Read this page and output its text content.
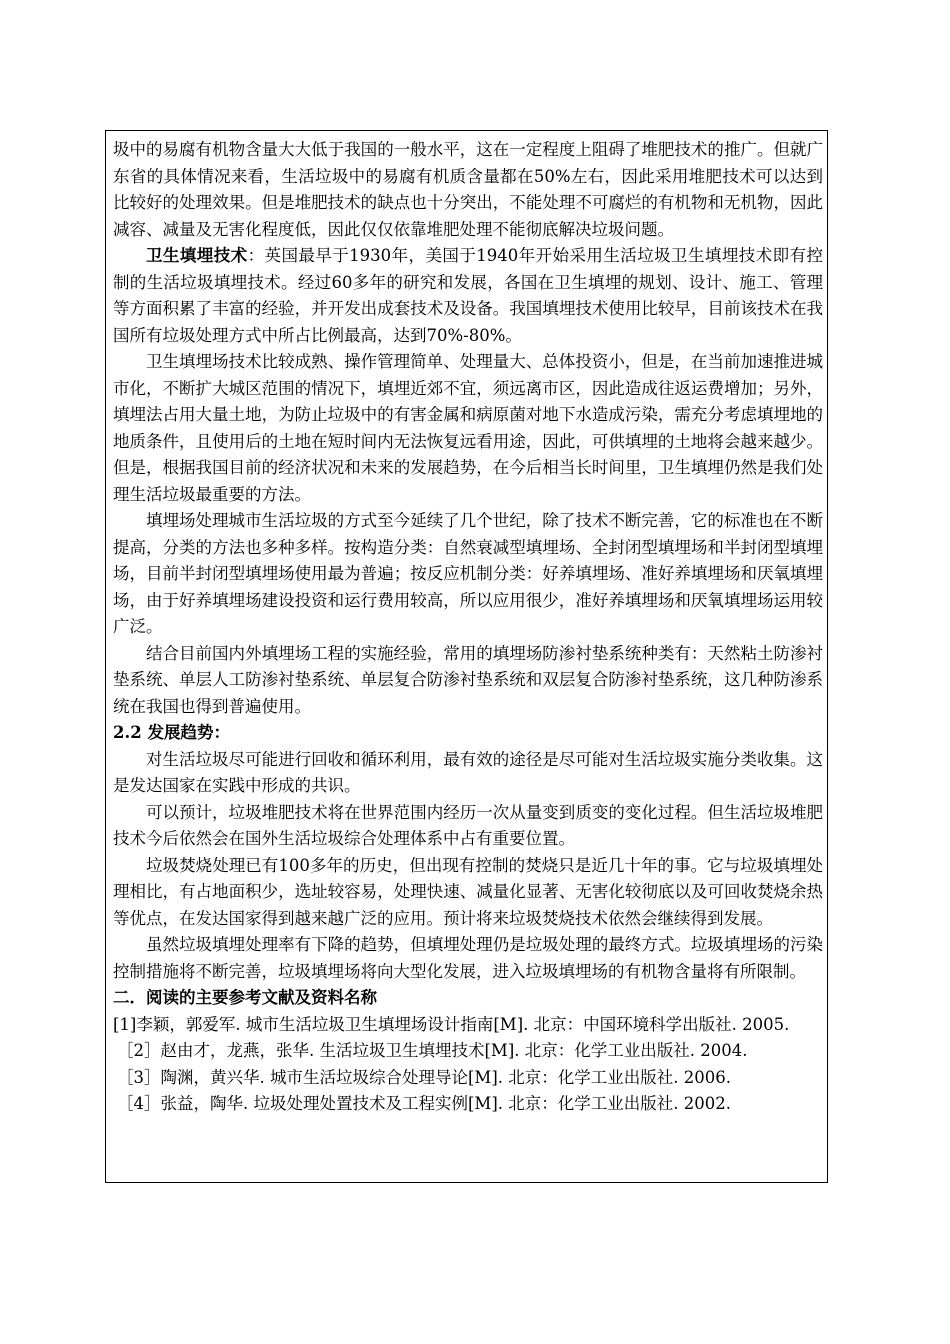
圾中的易腐有机物含量大大低于我国的一般水平，这在一定程度上阻碍了堆肥技术的推广。但就广东省的具体情况来看，生活垃圾中的易腐有机质含量都在50%左右，因此采用堆肥技术可以达到比较好的处理效果。但是堆肥技术的缺点也十分突出，不能处理不可腐烂的有机物和无机物，因此减容、减量及无害化程度低，因此仅仅依靠堆肥处理不能彻底解决垃圾问题。

卫生填埋技术：英国最早于1930年，美国于1940年开始采用生活垃圾卫生填埋技术即有控制的生活垃圾填埋技术。经过60多年的研究和发展，各国在卫生填埋的规划、设计、施工、管理等方面积累了丰富的经验，并开发出成套技术及设备。我国填埋技术使用比较早，目前该技术在我国所有垃圾处理方式中所占比例最高，达到70%-80%。

卫生填埋场技术比较成熟、操作管理简单、处理量大、总体投资小，但是，在当前加速推进城市化，不断扩大城区范围的情况下，填埋近郊不宜，须远离市区，因此造成往返运费增加；另外，填埋法占用大量土地，为防止垃圾中的有害金属和病原菌对地下水造成污染，需充分考虑填埋地的地质条件，且使用后的土地在短时间内无法恢复远看用途，因此，可供填埋的土地将会越来越少。但是，根据我国目前的经济状况和未来的发展趋势，在今后相当长时间里，卫生填埋仍然是我们处理生活垃圾最重要的方法。

填埋场处理城市生活垃圾的方式至今延续了几个世纪，除了技术不断完善，它的标准也在不断提高，分类的方法也多种多样。按构造分类：自然衰减型填埋场、全封闭型填埋场和半封闭型填埋场，目前半封闭型填埋场使用最为普遍；按反应机制分类：好养填埋场、准好养填埋场和厌氧填埋场，由于好养填埋场建设投资和运行费用较高，所以应用很少，准好养填埋场和厌氧填埋场运用较广泛。

结合目前国内外填埋场工程的实施经验，常用的填埋场防渗衬垫系统种类有：天然粘土防渗衬垫系统、单层人工防渗衬垫系统、单层复合防渗衬垫系统和双层复合防渗衬垫系统，这几种防渗系统在我国也得到普遍使用。

2.2 发展趋势：

对生活垃圾尽可能进行回收和循环利用，最有效的途径是尽可能对生活垃圾实施分类收集。这是发达国家在实践中形成的共识。

可以预计，垃圾堆肥技术将在世界范围内经历一次从量变到质变的变化过程。但生活垃圾堆肥技术今后依然会在国外生活垃圾综合处理体系中占有重要位置。

垃圾焚烧处理已有100多年的历史，但出现有控制的焚烧只是近几十年的事。它与垃圾填埋处理相比，有占地面积少，选址较容易，处理快速、减量化显著、无害化较彻底以及可回收焚烧余热等优点，在发达国家得到越来越广泛的应用。预计将来垃圾焚烧技术依然会继续得到发展。

虽然垃圾填埋处理率有下降的趋势，但填埋处理仍是垃圾处理的最终方式。垃圾填埋场的污染控制措施将不断完善，垃圾填埋场将向大型化发展，进入垃圾填埋场的有机物含量将有所限制。

二．阅读的主要参考文献及资料名称

[1]李颖，郭爱军. 城市生活垃圾卫生填埋场设计指南[M]. 北京：中国环境科学出版社. 2005.

［2］赵由才，龙燕，张华. 生活垃圾卫生填埋技术[M]. 北京：化学工业出版社. 2004.

［3］陶渊，黄兴华. 城市生活垃圾综合处理导论[M]. 北京：化学工业出版社. 2006.

［4］张益，陶华. 垃圾处理处置技术及工程实例[M]. 北京：化学工业出版社. 2002.
